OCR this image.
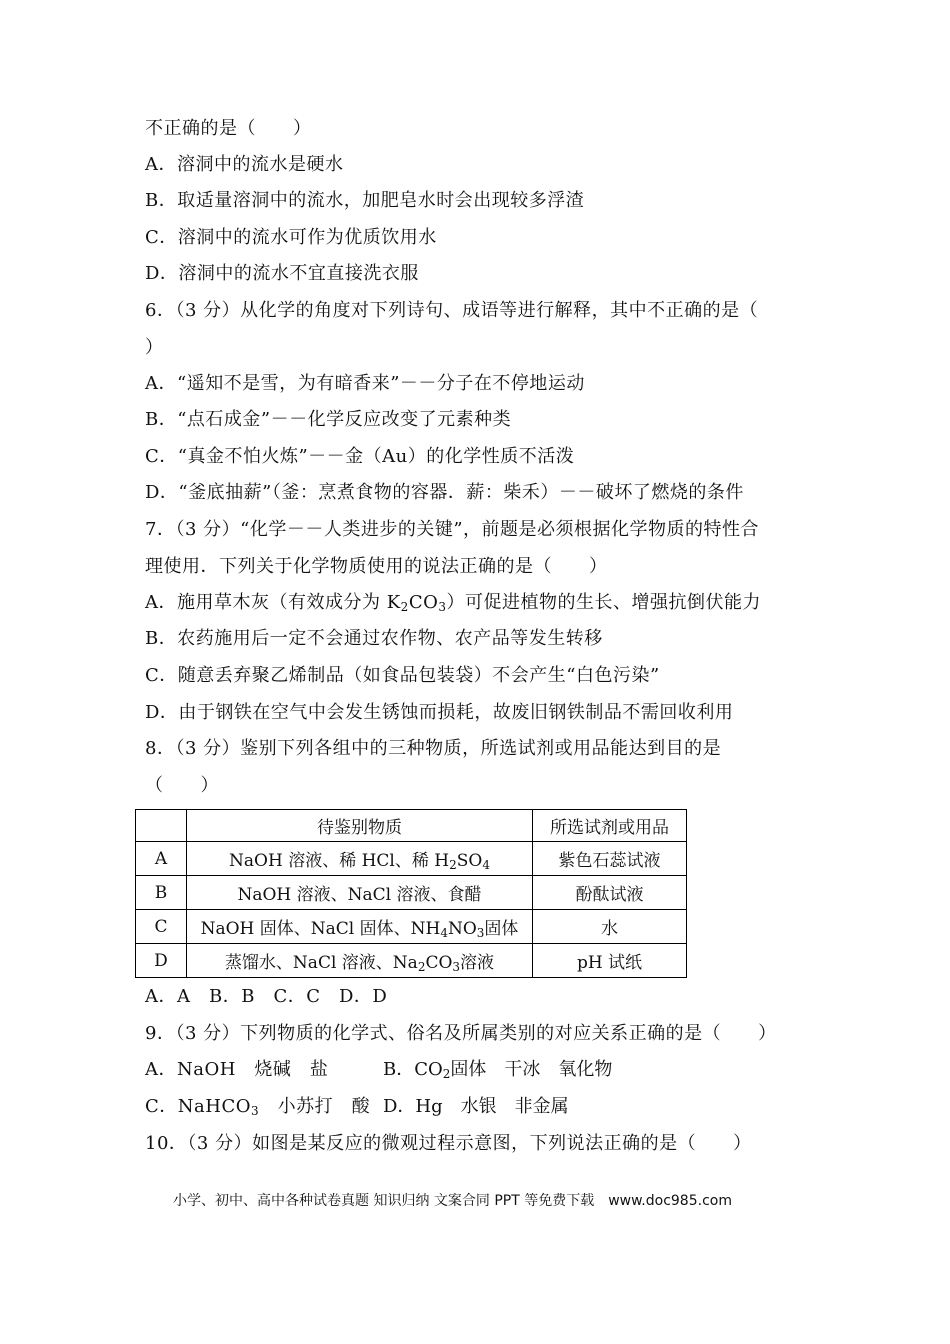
不正确的是（　　）
A．溶洞中的流水是硬水
B．取适量溶洞中的流水，加肥皂水时会出现较多浮渣
C．溶洞中的流水可作为优质饮用水
D．溶洞中的流水不宜直接洗衣服
6．（3 分）从化学的角度对下列诗句、成语等进行解释，其中不正确的是（
）
A．“遥知不是雪，为有暗香来”－－分子在不停地运动
B．“点石成金”－－化学反应改变了元素种类
C．“真金不怕火炼”－－金（Au）的化学性质不活泼
D．“釜底抽薪”（釜：烹煮食物的容器．薪：柴禾）－－破坏了燃烧的条件
7．（3 分）“化学－－人类进步的关键”，前题是必须根据化学物质的特性合
理使用．下列关于化学物质使用的说法正确的是（　　）
A．施用草木灰（有效成分为 $K_2CO_3$）可促进植物的生长、增强抗倒伏能力
B．农药施用后一定不会通过农作物、农产品等发生转移
C．随意丢弃聚乙烯制品（如食品包装袋）不会产生“白色污染”
D．由于钢铁在空气中会发生锈蚀而损耗，故废旧钢铁制品不需回收利用
8．（3 分）鉴别下列各组中的三种物质，所选试剂或用品能达到目的是
（　　）
	待鉴别物质	所选试剂或用品
A	NaOH 溶液、稀 HCl、稀 $H_2SO_4$	紫色石蕊试液
B	NaOH 溶液、NaCl 溶液、食醋	酚酞试液
C	NaOH 固体、NaCl 固体、$NH_4NO_3$固体	水
D	蒸馏水、NaCl 溶液、$Na_2CO_3$溶液	pH 试纸
A．A　B．B　C．C　D．D
9．（3 分）下列物质的化学式、俗名及所属类别的对应关系正确的是（　　）
A．NaOH　烧碱　盐	B．$CO_2$固体　干冰　氧化物
C．NaHCO$_3$　小苏打　酸 D．Hg　水银　非金属
10．（3 分）如图是某反应的微观过程示意图，下列说法正确的是（　　）
小学、初中、高中各种试卷真题 知识归纳 文案合同 PPT 等免费下载　www.doc985.com
